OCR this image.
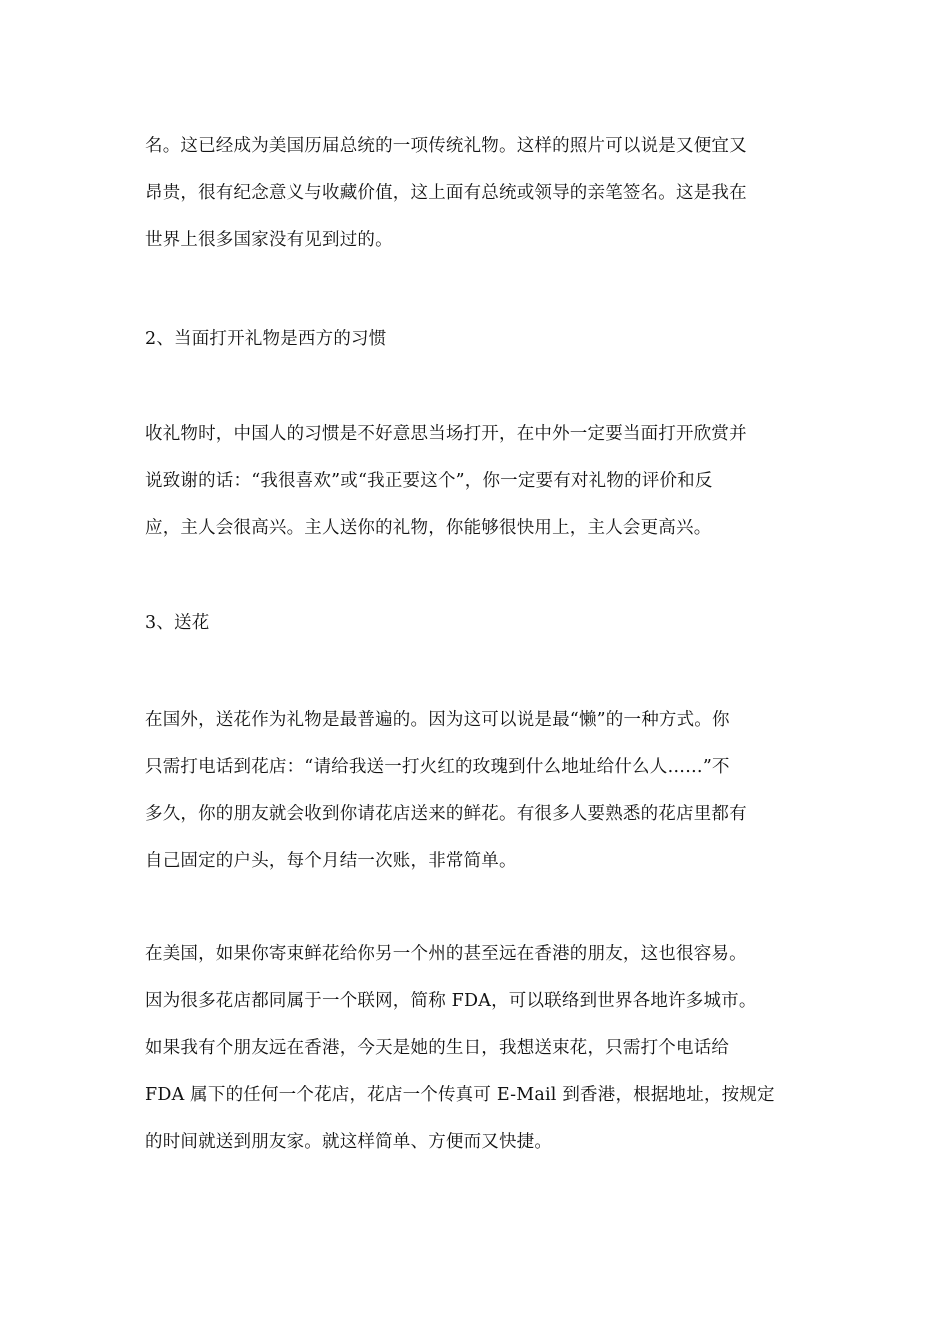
名。这已经成为美国历届总统的一项传统礼物。这样的照片可以说是又便宜又
昂贵，很有纪念意义与收藏价值，这上面有总统或领导的亲笔签名。这是我在
世界上很多国家没有见到过的。
2、当面打开礼物是西方的习惯
收礼物时，中国人的习惯是不好意思当场打开，在中外一定要当面打开欣赏并
说致谢的话：“我很喜欢”或“我正要这个”，你一定要有对礼物的评价和反
应，主人会很高兴。主人送你的礼物，你能够很快用上，主人会更高兴。
3、送花
在国外，送花作为礼物是最普遍的。因为这可以说是最“懒”的一种方式。你
只需打电话到花店：“请给我送一打火红的玫瑰到什么地址给什么人……”不
多久，你的朋友就会收到你请花店送来的鲜花。有很多人要熟悉的花店里都有
自己固定的户头，每个月结一次账，非常简单。
在美国，如果你寄束鲜花给你另一个州的甚至远在香港的朋友，这也很容易。
因为很多花店都同属于一个联网，简称 FDA，可以联络到世界各地许多城市。
如果我有个朋友远在香港，今天是她的生日，我想送束花，只需打个电话给
FDA 属下的任何一个花店，花店一个传真可 E-Mail 到香港，根据地址，按规定
的时间就送到朋友家。就这样简单、方便而又快捷。
